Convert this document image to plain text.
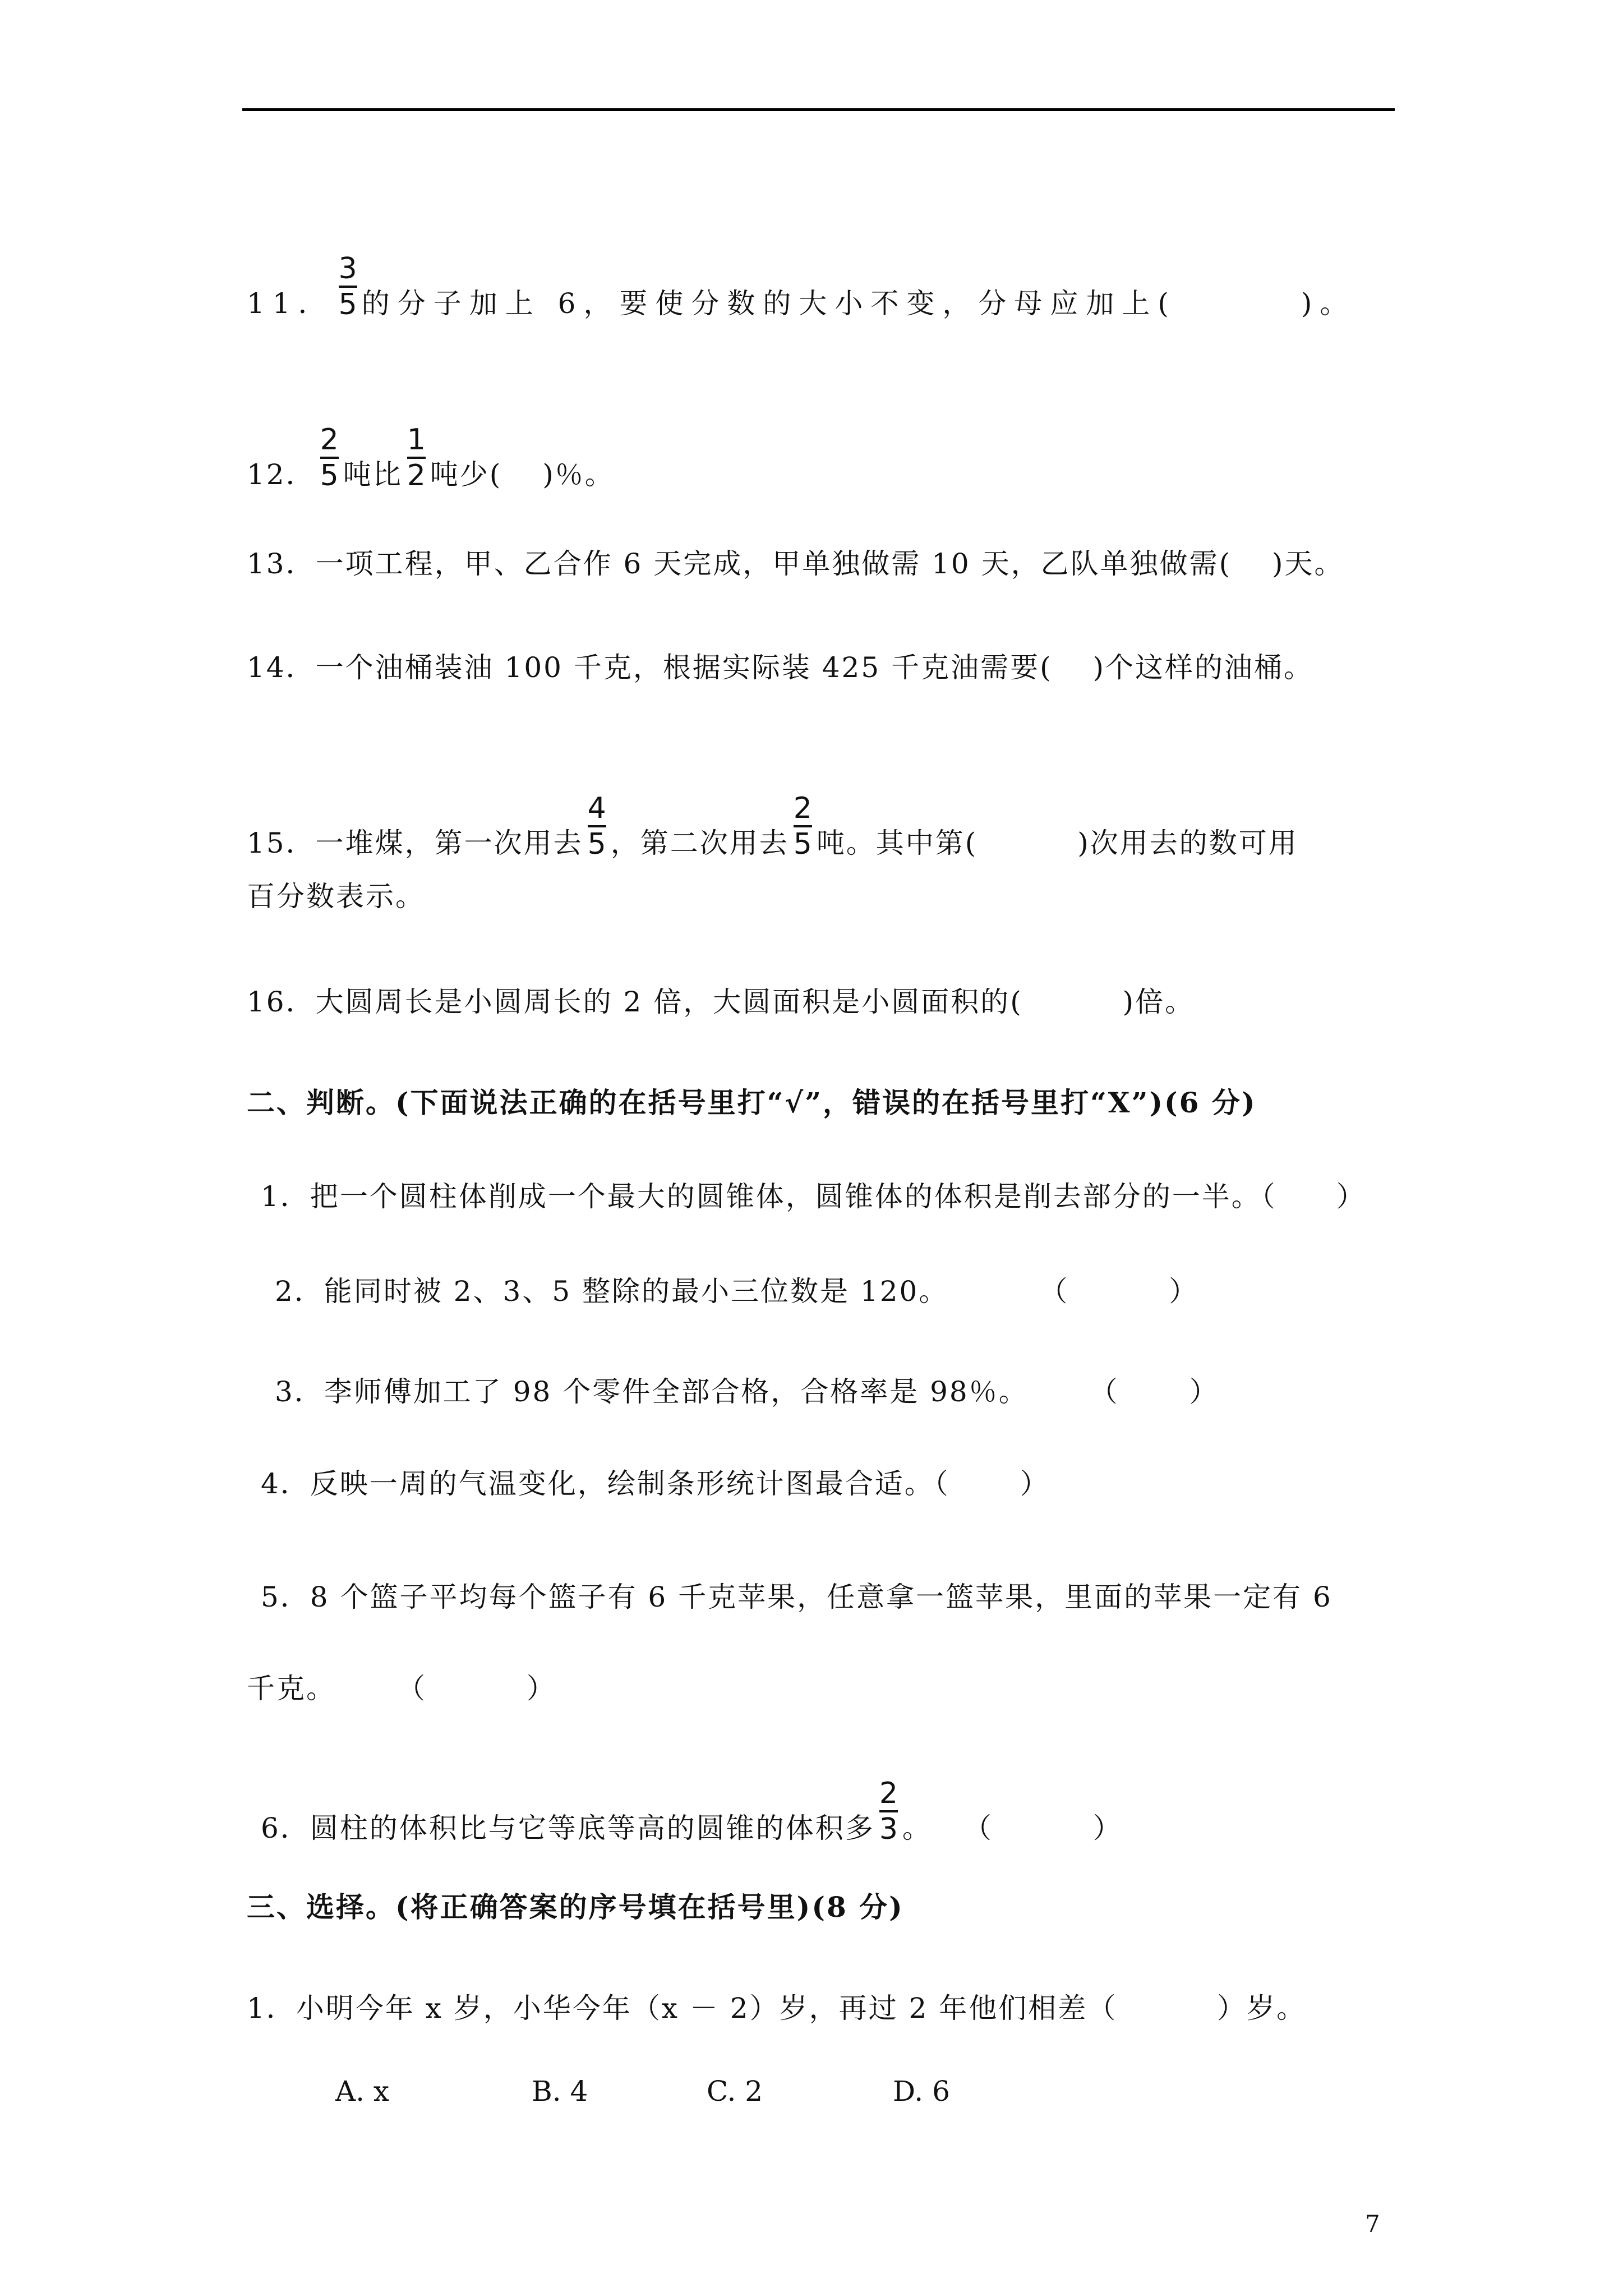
11． $\frac{3}{5}$ 的分子加上 6，要使分数的大小不变，分母应加上(　　　 )。
12． $\frac{2}{5}$ 吨比 $\frac{1}{2}$ 吨少(　 )％。
13．一项工程，甲、乙合作 6 天完成，甲单独做需 10 天，乙队单独做需(　 )天。
14．一个油桶装油 100 千克，根据实际装 425 千克油需要(　 )个这样的油桶。
15．一堆煤，第一次用去 $\frac{4}{5}$ ，第二次用去 $\frac{2}{5}$ 吨。其中第(　　　 )次用去的数可用
百分数表示。
16．大圆周长是小圆周长的 2 倍，大圆面积是小圆面积的(　　　 )倍。
二、判断。(下面说法正确的在括号里打“√”，错误的在括号里打“X”)(6 分)
1．把一个圆柱体削成一个最大的圆锥体，圆锥体的体积是削去部分的一半。（　　）
2．能同时被 2、3、5 整除的最小三位数是 120。　　　　（　　　 ）
3．李师傅加工了 98 个零件全部合格，合格率是 98％。　　　（　　 ）
4．反映一周的气温变化，绘制条形统计图最合适。（　　 ）
5．8 个篮子平均每个篮子有 6 千克苹果，任意拿一篮苹果，里面的苹果一定有 6
千克。　　　（　　　 ）
6．圆柱的体积比与它等底等高的圆锥的体积多 $\frac{2}{3}$ 。　　（　　　 ）
三、选择。(将正确答案的序号填在括号里)(8 分)
1．小明今年 x 岁，小华今年（x － 2）岁，再过 2 年他们相差（　　　 ）岁。
A. x	B. 4	C. 2	D. 6
7
